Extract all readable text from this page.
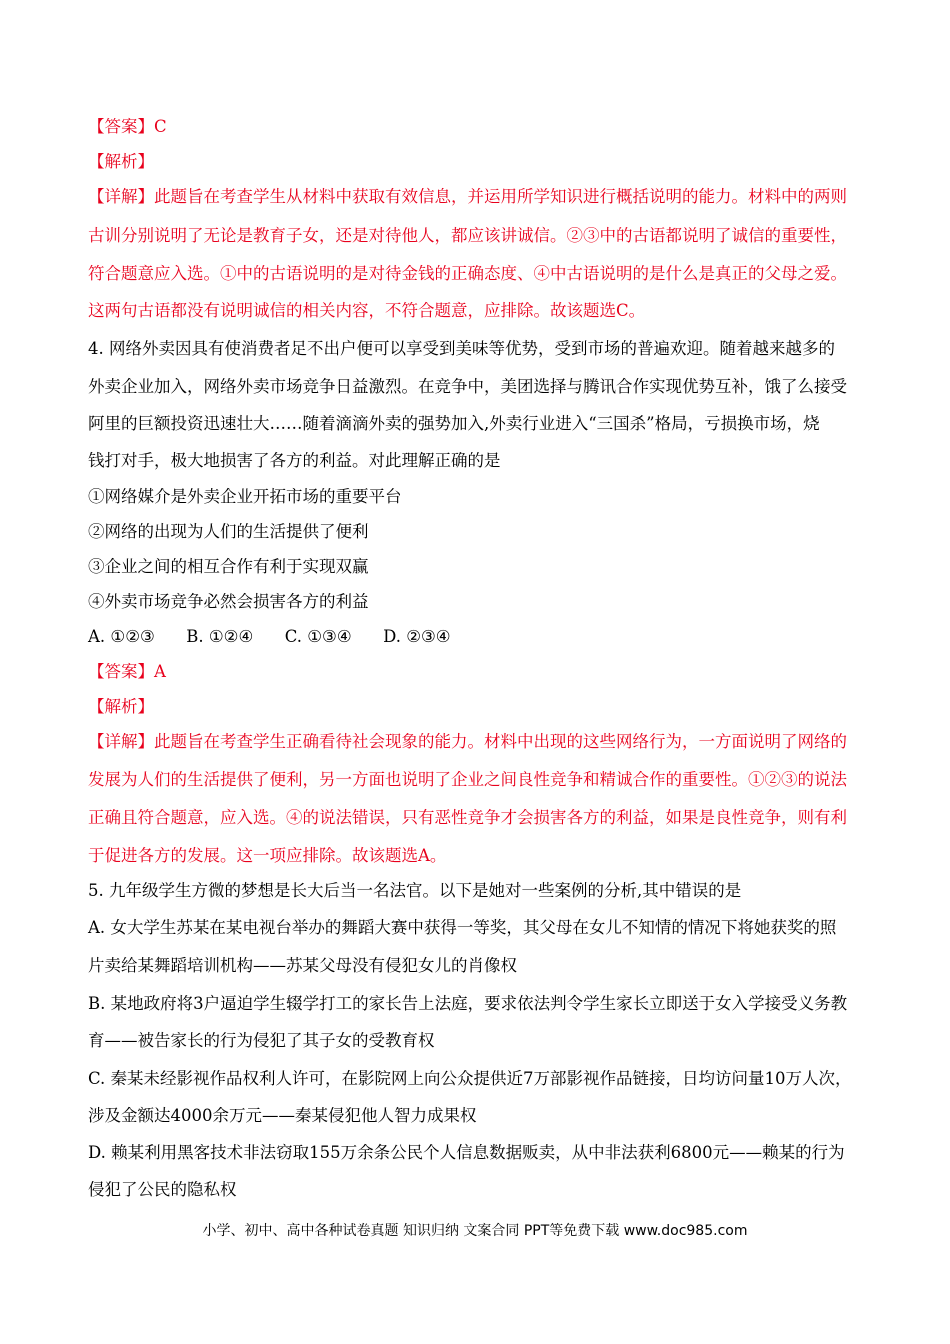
【答案】C
【解析】
【详解】此题旨在考查学生从材料中获取有效信息，并运用所学知识进行概括说明的能力。材料中的两则
古训分别说明了无论是教育子女，还是对待他人，都应该讲诚信。②③中的古语都说明了诚信的重要性，
符合题意应入选。①中的古语说明的是对待金钱的正确态度、④中古语说明的是什么是真正的父母之爱。
这两句古语都没有说明诚信的相关内容，不符合题意，应排除。故该题选C。
4. 网络外卖因具有使消费者足不出户便可以享受到美味等优势，受到市场的普遍欢迎。随着越来越多的
外卖企业加入，网络外卖市场竞争日益激烈。在竞争中，美团选择与腾讯合作实现优势互补，饿了么接受
阿里的巨额投资迅速壮大……随着滴滴外卖的强势加入,外卖行业进入“三国杀”格局，亏损换市场，烧
钱打对手，极大地损害了各方的利益。对此理解正确的是
①网络媒介是外卖企业开拓市场的重要平台
②网络的出现为人们的生活提供了便利
③企业之间的相互合作有利于实现双赢
④外卖市场竞争必然会损害各方的利益
A. ①②③      B. ①②④      C. ①③④      D. ②③④
【答案】A
【解析】
【详解】此题旨在考查学生正确看待社会现象的能力。材料中出现的这些网络行为，一方面说明了网络的
发展为人们的生活提供了便利，另一方面也说明了企业之间良性竞争和精诚合作的重要性。①②③的说法
正确且符合题意，应入选。④的说法错误，只有恶性竞争才会损害各方的利益，如果是良性竞争，则有利
于促进各方的发展。这一项应排除。故该题选A。
5. 九年级学生方微的梦想是长大后当一名法官。以下是她对一些案例的分析,其中错误的是
A. 女大学生苏某在某电视台举办的舞蹈大赛中获得一等奖，其父母在女儿不知情的情况下将她获奖的照
片卖给某舞蹈培训机构——苏某父母没有侵犯女儿的肖像权
B. 某地政府将3户逼迫学生辍学打工的家长告上法庭，要求依法判令学生家长立即送于女入学接受义务教
育——被告家长的行为侵犯了其子女的受教育权
C. 秦某未经影视作品权利人许可，在影院网上向公众提供近7万部影视作品链接，日均访问量10万人次，
涉及金额达4000余万元——秦某侵犯他人智力成果权
D. 赖某利用黑客技术非法窃取155万余条公民个人信息数据贩卖，从中非法获利6800元——赖某的行为
侵犯了公民的隐私权
小学、初中、高中各种试卷真题 知识归纳 文案合同 PPT等免费下载 www.doc985.com
